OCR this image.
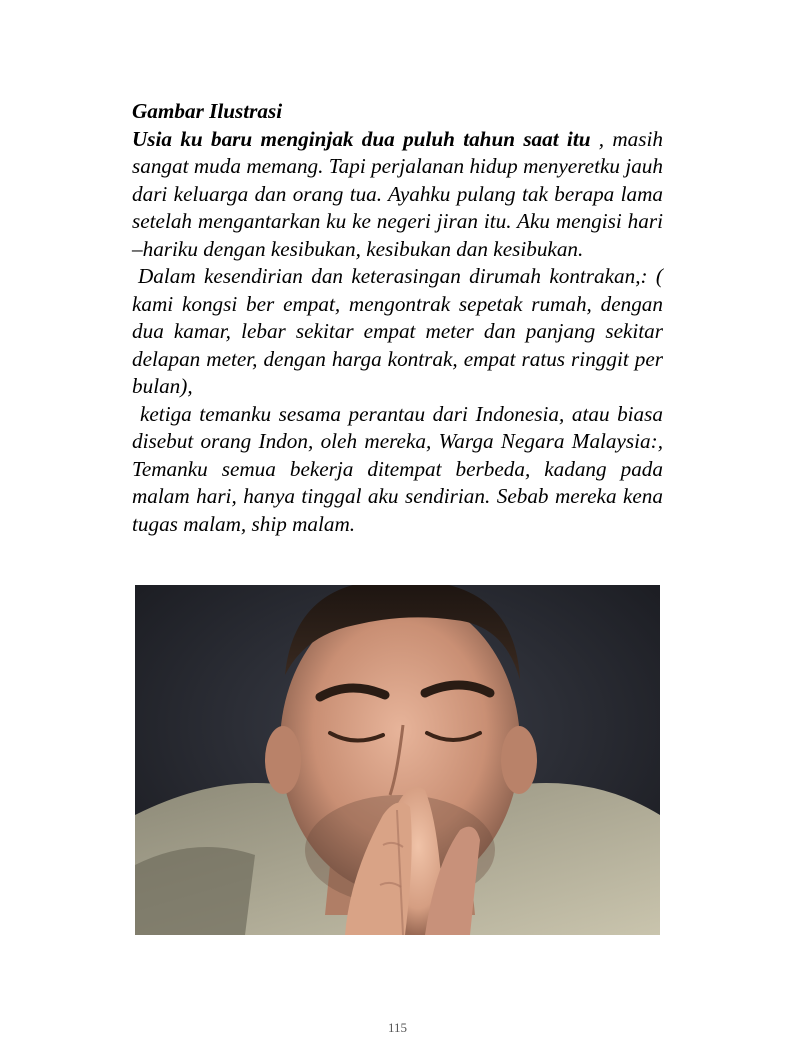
Gambar Ilustrasi

Usia ku baru menginjak dua puluh tahun saat itu , masih sangat muda memang. Tapi perjalanan hidup menyeretku jauh dari keluarga dan orang tua. Ayahku pulang tak berapa lama setelah mengantarkan ku ke negeri jiran itu. Aku mengisi hari –hariku dengan kesibukan, kesibukan dan kesibukan.

Dalam kesendirian dan keterasingan dirumah kontrakan,: ( kami kongsi ber empat, mengontrak sepetak rumah, dengan dua kamar, lebar sekitar empat meter dan panjang sekitar delapan meter, dengan harga kontrak, empat ratus ringgit per bulan),

ketiga temanku sesama perantau dari Indonesia, atau biasa disebut orang Indon, oleh mereka, Warga Negara Malaysia:, Temanku semua bekerja ditempat berbeda, kadang pada malam hari, hanya tinggal aku sendirian. Sebab mereka kena tugas malam, ship malam.

115
